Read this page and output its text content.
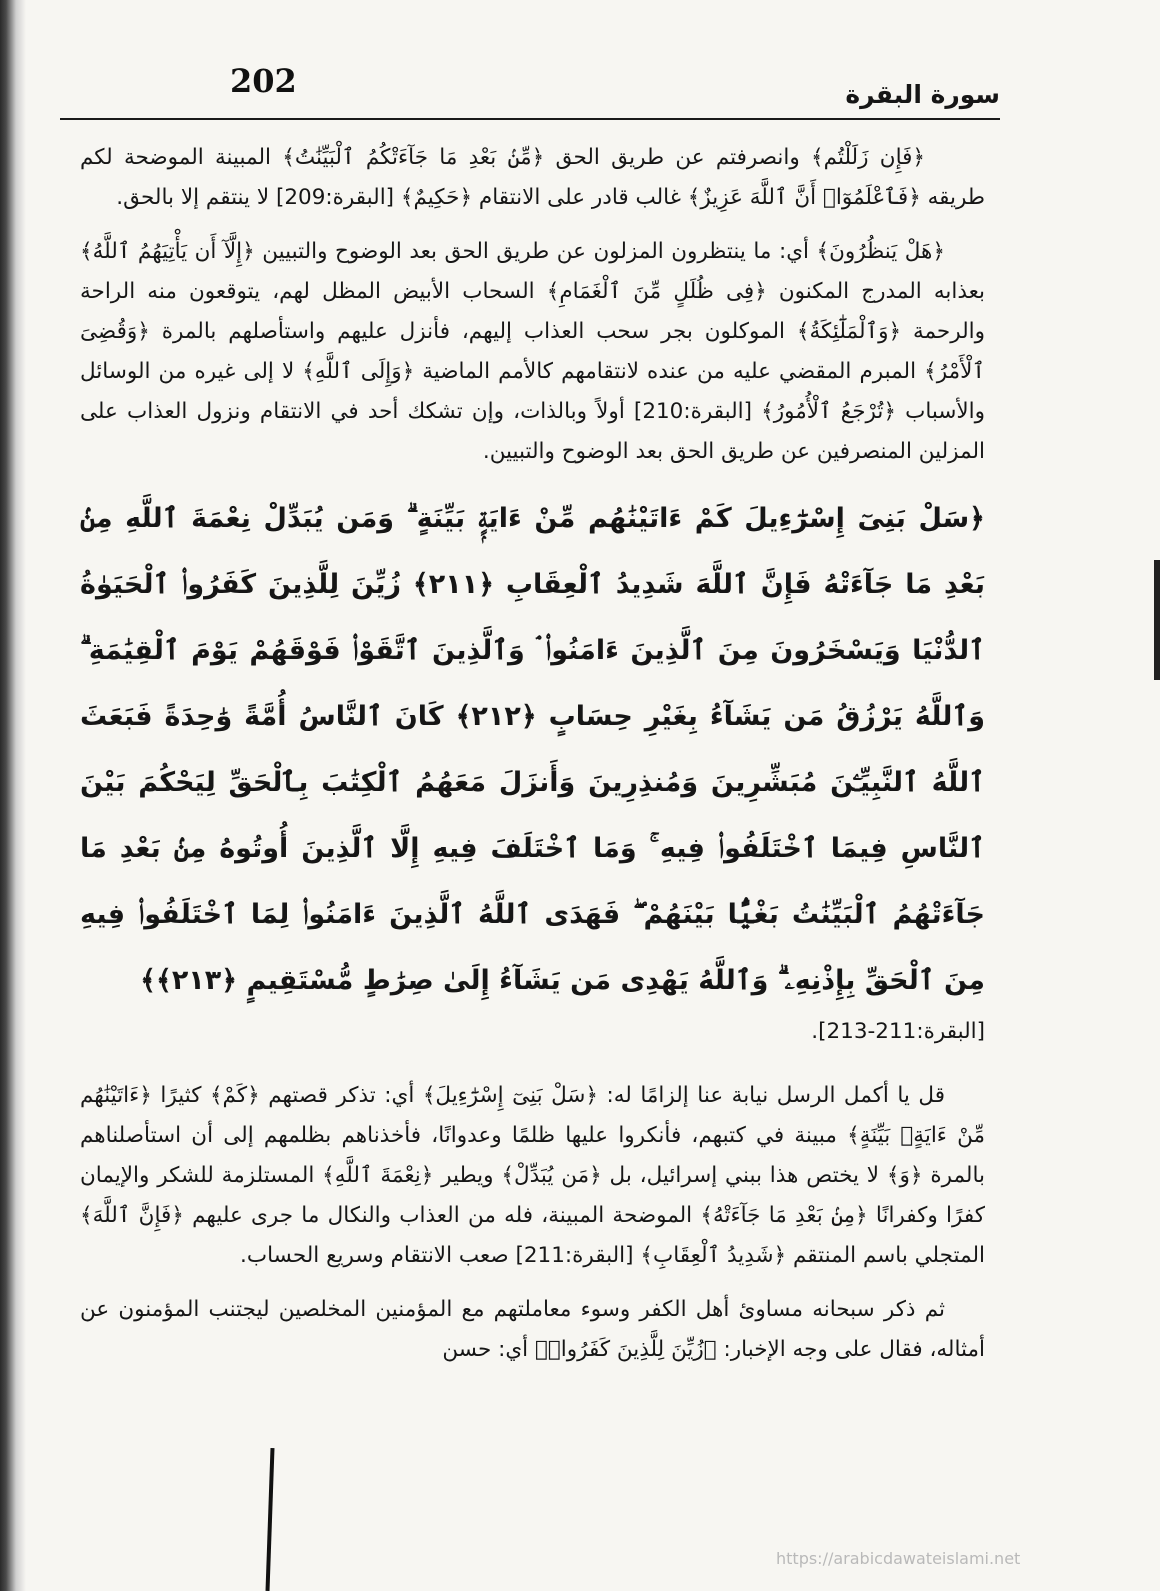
202	سورة البقرة

﴿فَإِن زَلَلْتُم﴾ وانصرفتم عن طريق الحق ﴿مِّنۢ بَعْدِ مَا جَآءَتْكُمُ ٱلْبَيِّنَٰتُ﴾ المبينة الموضحة لكم طريقه ﴿فَٱعْلَمُوٓا۟ أَنَّ ٱللَّهَ عَزِيزٌ﴾ غالب قادر على الانتقام ﴿حَكِيمٌ﴾ [البقرة:209] لا ينتقم إلا بالحق.

﴿هَلْ يَنظُرُونَ﴾ أي: ما ينتظرون المزلون عن طريق الحق بعد الوضوح والتبيين ﴿إِلَّآ أَن يَأْتِيَهُمُ ٱللَّهُ﴾ بعذابه المدرج المكنون ﴿فِى ظُلَلٍ مِّنَ ٱلْغَمَامِ﴾ السحاب الأبيض المظل لهم، يتوقعون منه الراحة والرحمة ﴿وَٱلْمَلَٰٓئِكَةُ﴾ الموكلون بجر سحب العذاب إليهم، فأنزل عليهم واستأصلهم بالمرة ﴿وَقُضِىَ ٱلْأَمْرُ﴾ المبرم المقضي عليه من عنده لانتقامهم كالأمم الماضية ﴿وَإِلَى ٱللَّهِ﴾ لا إلى غيره من الوسائل والأسباب ﴿تُرْجَعُ ٱلْأُمُورُ﴾ [البقرة:210] أولاً وبالذات، وإن تشكك أحد في الانتقام ونزول العذاب على المزلين المنصرفين عن طريق الحق بعد الوضوح والتبيين.

﴿سَلْ بَنِىٓ إِسْرَٰٓءِيلَ كَمْ ءَاتَيْنَٰهُم مِّنْ ءَايَةٍۭ بَيِّنَةٍ ۗ وَمَن يُبَدِّلْ نِعْمَةَ ٱللَّهِ مِنۢ بَعْدِ مَا جَآءَتْهُ فَإِنَّ ٱللَّهَ شَدِيدُ ٱلْعِقَابِ ﴿٢١١﴾ زُيِّنَ لِلَّذِينَ كَفَرُوا۟ ٱلْحَيَوٰةُ ٱلدُّنْيَا وَيَسْخَرُونَ مِنَ ٱلَّذِينَ ءَامَنُوا۟ ۘ وَٱلَّذِينَ ٱتَّقَوْا۟ فَوْقَهُمْ يَوْمَ ٱلْقِيَٰمَةِ ۗ وَٱللَّهُ يَرْزُقُ مَن يَشَآءُ بِغَيْرِ حِسَابٍ ﴿٢١٢﴾ كَانَ ٱلنَّاسُ أُمَّةً وَٰحِدَةً فَبَعَثَ ٱللَّهُ ٱلنَّبِيِّـۧنَ مُبَشِّرِينَ وَمُنذِرِينَ وَأَنزَلَ مَعَهُمُ ٱلْكِتَٰبَ بِٱلْحَقِّ لِيَحْكُمَ بَيْنَ ٱلنَّاسِ فِيمَا ٱخْتَلَفُوا۟ فِيهِ ۚ وَمَا ٱخْتَلَفَ فِيهِ إِلَّا ٱلَّذِينَ أُوتُوهُ مِنۢ بَعْدِ مَا جَآءَتْهُمُ ٱلْبَيِّنَٰتُ بَغْيًۢا بَيْنَهُمْ ۖ فَهَدَى ٱللَّهُ ٱلَّذِينَ ءَامَنُوا۟ لِمَا ٱخْتَلَفُوا۟ فِيهِ مِنَ ٱلْحَقِّ بِإِذْنِهِۦ ۗ وَٱللَّهُ يَهْدِى مَن يَشَآءُ إِلَىٰ صِرَٰطٍ مُّسْتَقِيمٍ ﴿٢١٣﴾﴾

[البقرة:211-213].

قل يا أكمل الرسل نيابة عنا إلزامًا له: ﴿سَلْ بَنِىٓ إِسْرَٰٓءِيلَ﴾ أي: تذكر قصتهم ﴿كَمْ﴾ كثيرًا ﴿ءَاتَيْنَٰهُم مِّنْ ءَايَةٍۭ بَيِّنَةٍ﴾ مبينة في كتبهم، فأنكروا عليها ظلمًا وعدوانًا، فأخذناهم بظلمهم إلى أن استأصلناهم بالمرة ﴿وَ﴾ لا يختص هذا ببني إسرائيل، بل ﴿مَن يُبَدِّلْ﴾ ويطير ﴿نِعْمَةَ ٱللَّهِ﴾ المستلزمة للشكر والإيمان كفرًا وكفرانًا ﴿مِنۢ بَعْدِ مَا جَآءَتْهُ﴾ الموضحة المبينة، فله من العذاب والنكال ما جرى عليهم ﴿فَإِنَّ ٱللَّهَ﴾ المتجلي باسم المنتقم ﴿شَدِيدُ ٱلْعِقَابِ﴾ [البقرة:211] صعب الانتقام وسريع الحساب.

ثم ذكر سبحانه مساوئ أهل الكفر وسوء معاملتهم مع المؤمنين المخلصين ليجتنب المؤمنون عن أمثاله، فقال على وجه الإخبار: ﴿زُيِّنَ لِلَّذِينَ كَفَرُوا۟﴾ أي: حسن

https://arabicdawateislami.net
